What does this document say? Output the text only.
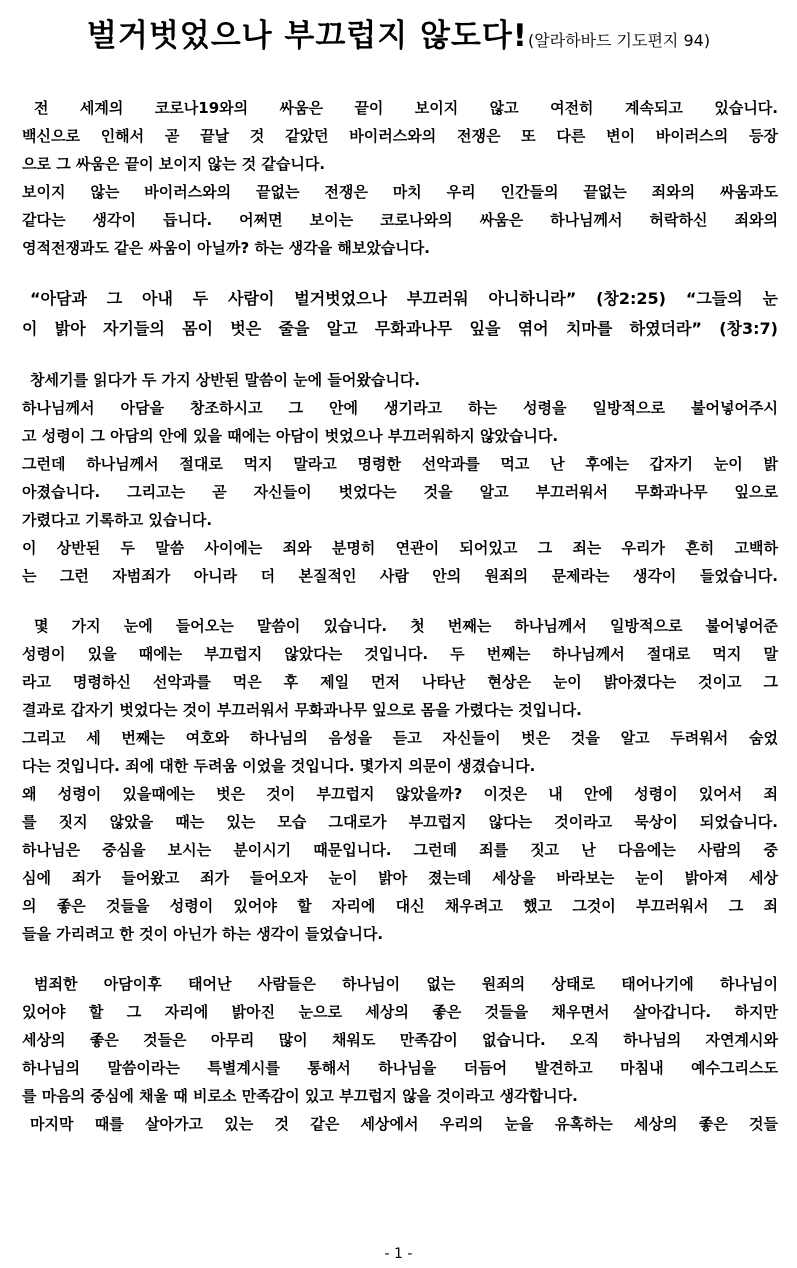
벌거벗었으나 부끄럽지 않도다!(알라하바드 기도편지 94)
전 세계의 코로나19와의 싸움은 끝이 보이지 않고 여전히 계속되고 있습니다.
백신으로 인해서 곧 끝날 것 같았던 바이러스와의 전쟁은 또 다른 변이 바이러스의 등장
으로 그 싸움은 끝이 보이지 않는 것 같습니다.
보이지 않는 바이러스와의 끝없는 전쟁은 마치 우리 인간들의 끝없는 죄와의 싸움과도
같다는 생각이 듭니다. 어쩌면 보이는 코로나와의 싸움은 하나님께서 허락하신 죄와의
영적전쟁과도 같은 싸움이 아닐까? 하는 생각을 해보았습니다.
“아담과 그 아내 두 사람이 벌거벗었으나 부끄러워 아니하니라” (창2:25) “그들의 눈
이 밝아 자기들의 몸이 벗은 줄을 알고 무화과나무 잎을 엮어 치마를 하였더라” (창3:7)
창세기를 읽다가 두 가지 상반된 말씀이 눈에 들어왔습니다.
하나님께서 아담을 창조하시고 그 안에 생기라고 하는 성령을 일방적으로 불어넣어주시
고 성령이 그 아담의 안에 있을 때에는 아담이 벗었으나 부끄러워하지 않았습니다.
그런데 하나님께서 절대로 먹지 말라고 명령한 선악과를 먹고 난 후에는 갑자기 눈이 밝
아졌습니다. 그리고는 곧 자신들이 벗었다는 것을 알고 부끄러워서 무화과나무 잎으로
가렸다고 기록하고 있습니다.
이 상반된 두 말씀 사이에는 죄와 분명히 연관이 되어있고 그 죄는 우리가 흔히 고백하
는 그런 자범죄가 아니라 더 본질적인 사람 안의 원죄의 문제라는 생각이 들었습니다.
몇 가지 눈에 들어오는 말씀이 있습니다. 첫 번째는 하나님께서 일방적으로 불어넣어준
성령이 있을 때에는 부끄럽지 않았다는 것입니다. 두 번째는 하나님께서 절대로 먹지 말
라고 명령하신 선악과를 먹은 후 제일 먼저 나타난 현상은 눈이 밝아졌다는 것이고 그
결과로 갑자기 벗었다는 것이 부끄러워서 무화과나무 잎으로 몸을 가렸다는 것입니다.
그리고 세 번째는 여호와 하나님의 음성을 듣고 자신들이 벗은 것을 알고 두려워서 숨었
다는 것입니다. 죄에 대한 두려움 이었을 것입니다. 몇가지 의문이 생겼습니다.
왜 성령이 있을때에는 벗은 것이 부끄럽지 않았을까? 이것은 내 안에 성령이 있어서 죄
를 짓지 않았을 때는 있는 모습 그대로가 부끄럽지 않다는 것이라고 묵상이 되었습니다.
하나님은 중심을 보시는 분이시기 때문입니다. 그런데 죄를 짓고 난 다음에는 사람의 중
심에 죄가 들어왔고 죄가 들어오자 눈이 밝아 졌는데 세상을 바라보는 눈이 밝아져 세상
의 좋은 것들을 성령이 있어야 할 자리에 대신 채우려고 했고 그것이 부끄러워서 그 죄
들을 가리려고 한 것이 아닌가 하는 생각이 들었습니다.
범죄한 아담이후 태어난 사람들은 하나님이 없는 원죄의 상태로 태어나기에 하나님이
있어야 할 그 자리에 밝아진 눈으로 세상의 좋은 것들을 채우면서 살아갑니다. 하지만
세상의 좋은 것들은 아무리 많이 채워도 만족감이 없습니다. 오직 하나님의 자연계시와
하나님의 말씀이라는 특별계시를 통해서 하나님을 더듬어 발견하고 마침내 예수그리스도
를 마음의 중심에 채울 때 비로소 만족감이 있고 부끄럽지 않을 것이라고 생각합니다.
마지막 때를 살아가고 있는 것 같은 세상에서 우리의 눈을 유혹하는 세상의 좋은 것들
- 1 -
